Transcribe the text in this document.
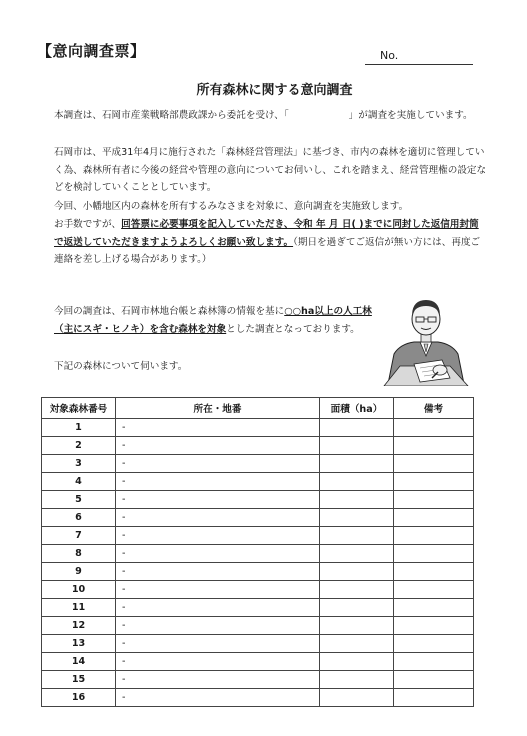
【意向調査票】	No.
所有森林に関する意向調査

本調査は、石岡市産業戦略部農政課から委託を受け、「	」が調査を実施しています。

石岡市は、平成31年4月に施行された「森林経営管理法」に基づき、市内の森林を適切に管理していく為、森林所有者に今後の経営や管理の意向についてお伺いし、これを踏まえ、経営管理権の設定などを検討していくこととしています。

今回、小幡地区内の森林を所有するみなさまを対象に、意向調査を実施致します。

お手数ですが、回答票に必要事項を記入していただき、令和 年 月 日( )までに同封した返信用封筒で返送していただきますようよろしくお願い致します。（期日を過ぎてご返信が無い方には、再度ご連絡を差し上げる場合があります。）

今回の調査は、石岡市林地台帳と森林簿の情報を基に○○ha以上の人工林（主にスギ・ヒノキ）を含む森林を対象とした調査となっております。

下記の森林について伺います。
対象森林番号	所在・地番	面積（ha）	備考
1	-		
2	-		
3	-		
4	-		
5	-		
6	-		
7	-		
8	-		
9	-		
10	-		
11	-		
12	-		
13	-		
14	-		
15	-		
16	-		
